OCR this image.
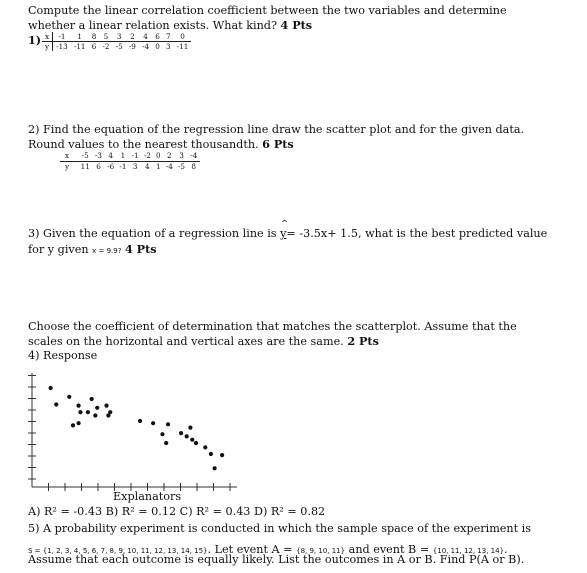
Compute the linear correlation coefficient between the two variables and determine
whether a linear relation exists. What kind? 4 Pts
1) x	-1	1	8	5	3	2	4	6	7	0
y	-13	-11	6	-2	-5	-9	-4	0	3	-11
2) Find the equation of the regression line draw the scatter plot and for the given data.
Round values to the nearest thousandth. 6 Pts
x	-5	-3	4	1	-1	-2	0	2	3	-4
y	11	6	-6	-1	3	4	1	-4	-5	8
3) Given the equation of a regression line is
^
y= -3.5x+ 1.5, what is the best predicted value
for y given x = 9.9? 4 Pts
Choose the coefficient of determination that matches the scatterplot. Assume that the
scales on the horizontal and vertical axes are the same. 2 Pts
4) Response
Explanators
A) R² = -0.43 B) R² = 0.12 C) R² = 0.43 D) R² = 0.82
5) A probability experiment is conducted in which the sample space of the experiment is
S = {1, 2, 3, 4, 5, 6, 7, 8, 9, 10, 11, 12, 13, 14, 15}. Let event A = {8, 9, 10, 11} and event B = {10, 11, 12, 13, 14}.
Assume that each outcome is equally likely. List the outcomes in A or B. Find P(A or B).
